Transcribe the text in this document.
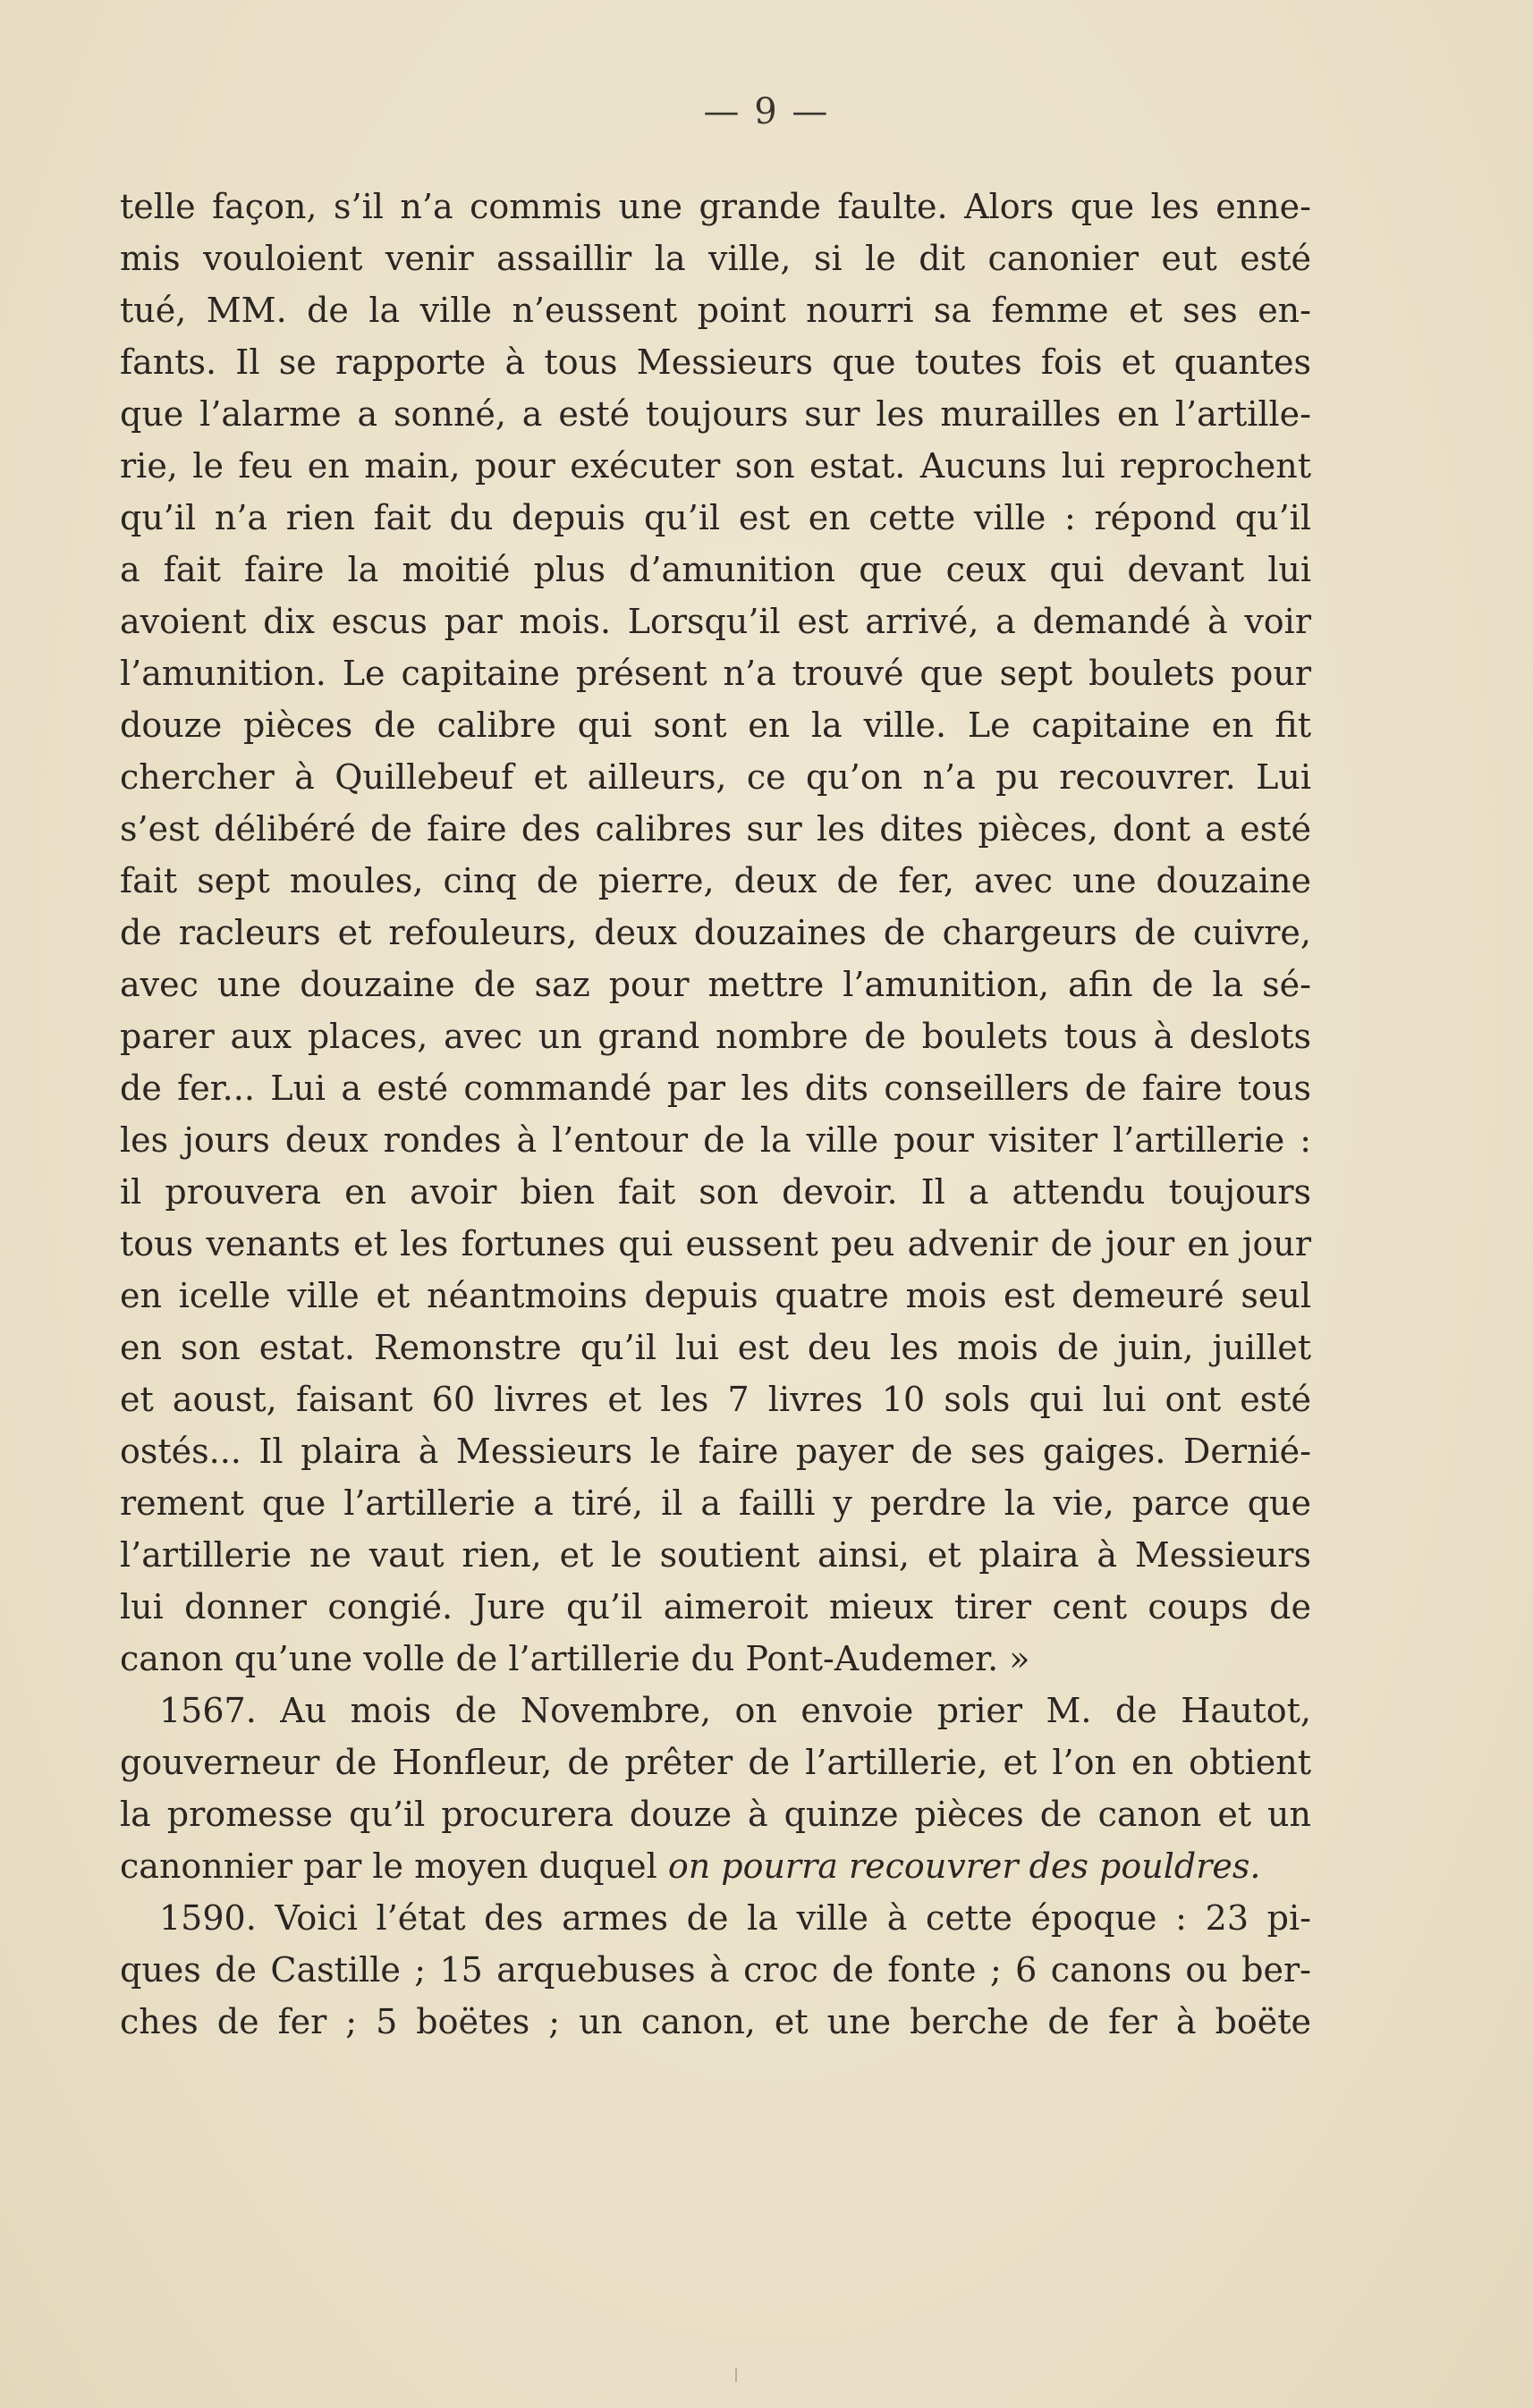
— 9 —
telle façon, s’il n’a commis une grande faulte. Alors que les enne-
mis vouloient venir assaillir la ville, si le dit canonier eut esté
tué, MM. de la ville n’eussent point nourri sa femme et ses en-
fants. Il se rapporte à tous Messieurs que toutes fois et quantes
que l’alarme a sonné, a esté toujours sur les murailles en l’artille-
rie, le feu en main, pour exécuter son estat. Aucuns lui reprochent
qu’il n’a rien fait du depuis qu’il est en cette ville : répond qu’il
a fait faire la moitié plus d’amunition que ceux qui devant lui
avoient dix escus par mois. Lorsqu’il est arrivé, a demandé à voir
l’amunition. Le capitaine présent n’a trouvé que sept boulets pour
douze pièces de calibre qui sont en la ville. Le capitaine en fit
chercher à Quillebeuf et ailleurs, ce qu’on n’a pu recouvrer. Lui
s’est délibéré de faire des calibres sur les dites pièces, dont a esté
fait sept moules, cinq de pierre, deux de fer, avec une douzaine
de racleurs et refouleurs, deux douzaines de chargeurs de cuivre,
avec une douzaine de saz pour mettre l’amunition, afin de la sé-
parer aux places, avec un grand nombre de boulets tous à deslots
de fer... Lui a esté commandé par les dits conseillers de faire tous
les jours deux rondes à l’entour de la ville pour visiter l’artillerie :
il prouvera en avoir bien fait son devoir. Il a attendu toujours
tous venants et les fortunes qui eussent peu advenir de jour en jour
en icelle ville et néantmoins depuis quatre mois est demeuré seul
en son estat. Remonstre qu’il lui est deu les mois de juin, juillet
et aoust, faisant 60 livres et les 7 livres 10 sols qui lui ont esté
ostés... Il plaira à Messieurs le faire payer de ses gaiges. Dernié-
rement que l’artillerie a tiré, il a failli y perdre la vie, parce que
l’artillerie ne vaut rien, et le soutient ainsi, et plaira à Messieurs
lui donner congié. Jure qu’il aimeroit mieux tirer cent coups de
canon qu’une volle de l’artillerie du Pont-Audemer. »
1567. Au mois de Novembre, on envoie prier M. de Hautot,
gouverneur de Honfleur, de prêter de l’artillerie, et l’on en obtient
la promesse qu’il procurera douze à quinze pièces de canon et un
canonnier par le moyen duquel on pourra recouvrer des pouldres.
1590. Voici l’état des armes de la ville à cette époque : 23 pi-
ques de Castille ; 15 arquebuses à croc de fonte ; 6 canons ou ber-
ches de fer ; 5 boëtes ; un canon, et une berche de fer à boëte
